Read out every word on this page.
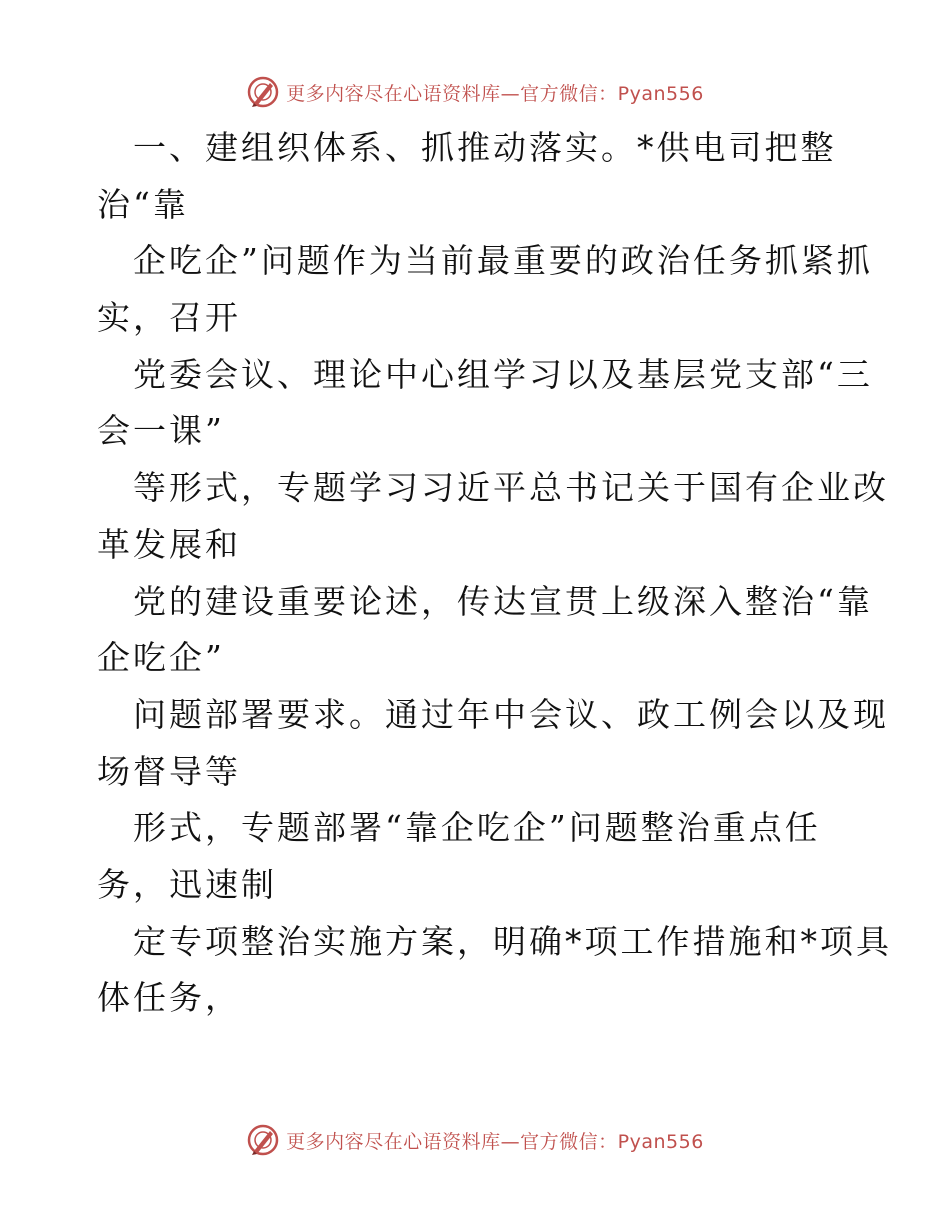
更多内容尽在心语资料库—官方微信：Pyan556
一、建组织体系、抓推动落实。*供电司把整
治“靠
企吃企”问题作为当前最重要的政治任务抓紧抓
实，召开
党委会议、理论中心组学习以及基层党支部“三
会一课”
等形式，专题学习习近平总书记关于国有企业改
革发展和
党的建设重要论述，传达宣贯上级深入整治“靠
企吃企”
问题部署要求。通过年中会议、政工例会以及现
场督导等
形式，专题部署“靠企吃企”问题整治重点任
务，迅速制
定专项整治实施方案，明确*项工作措施和*项具
体任务，
更多内容尽在心语资料库—官方微信：Pyan556
